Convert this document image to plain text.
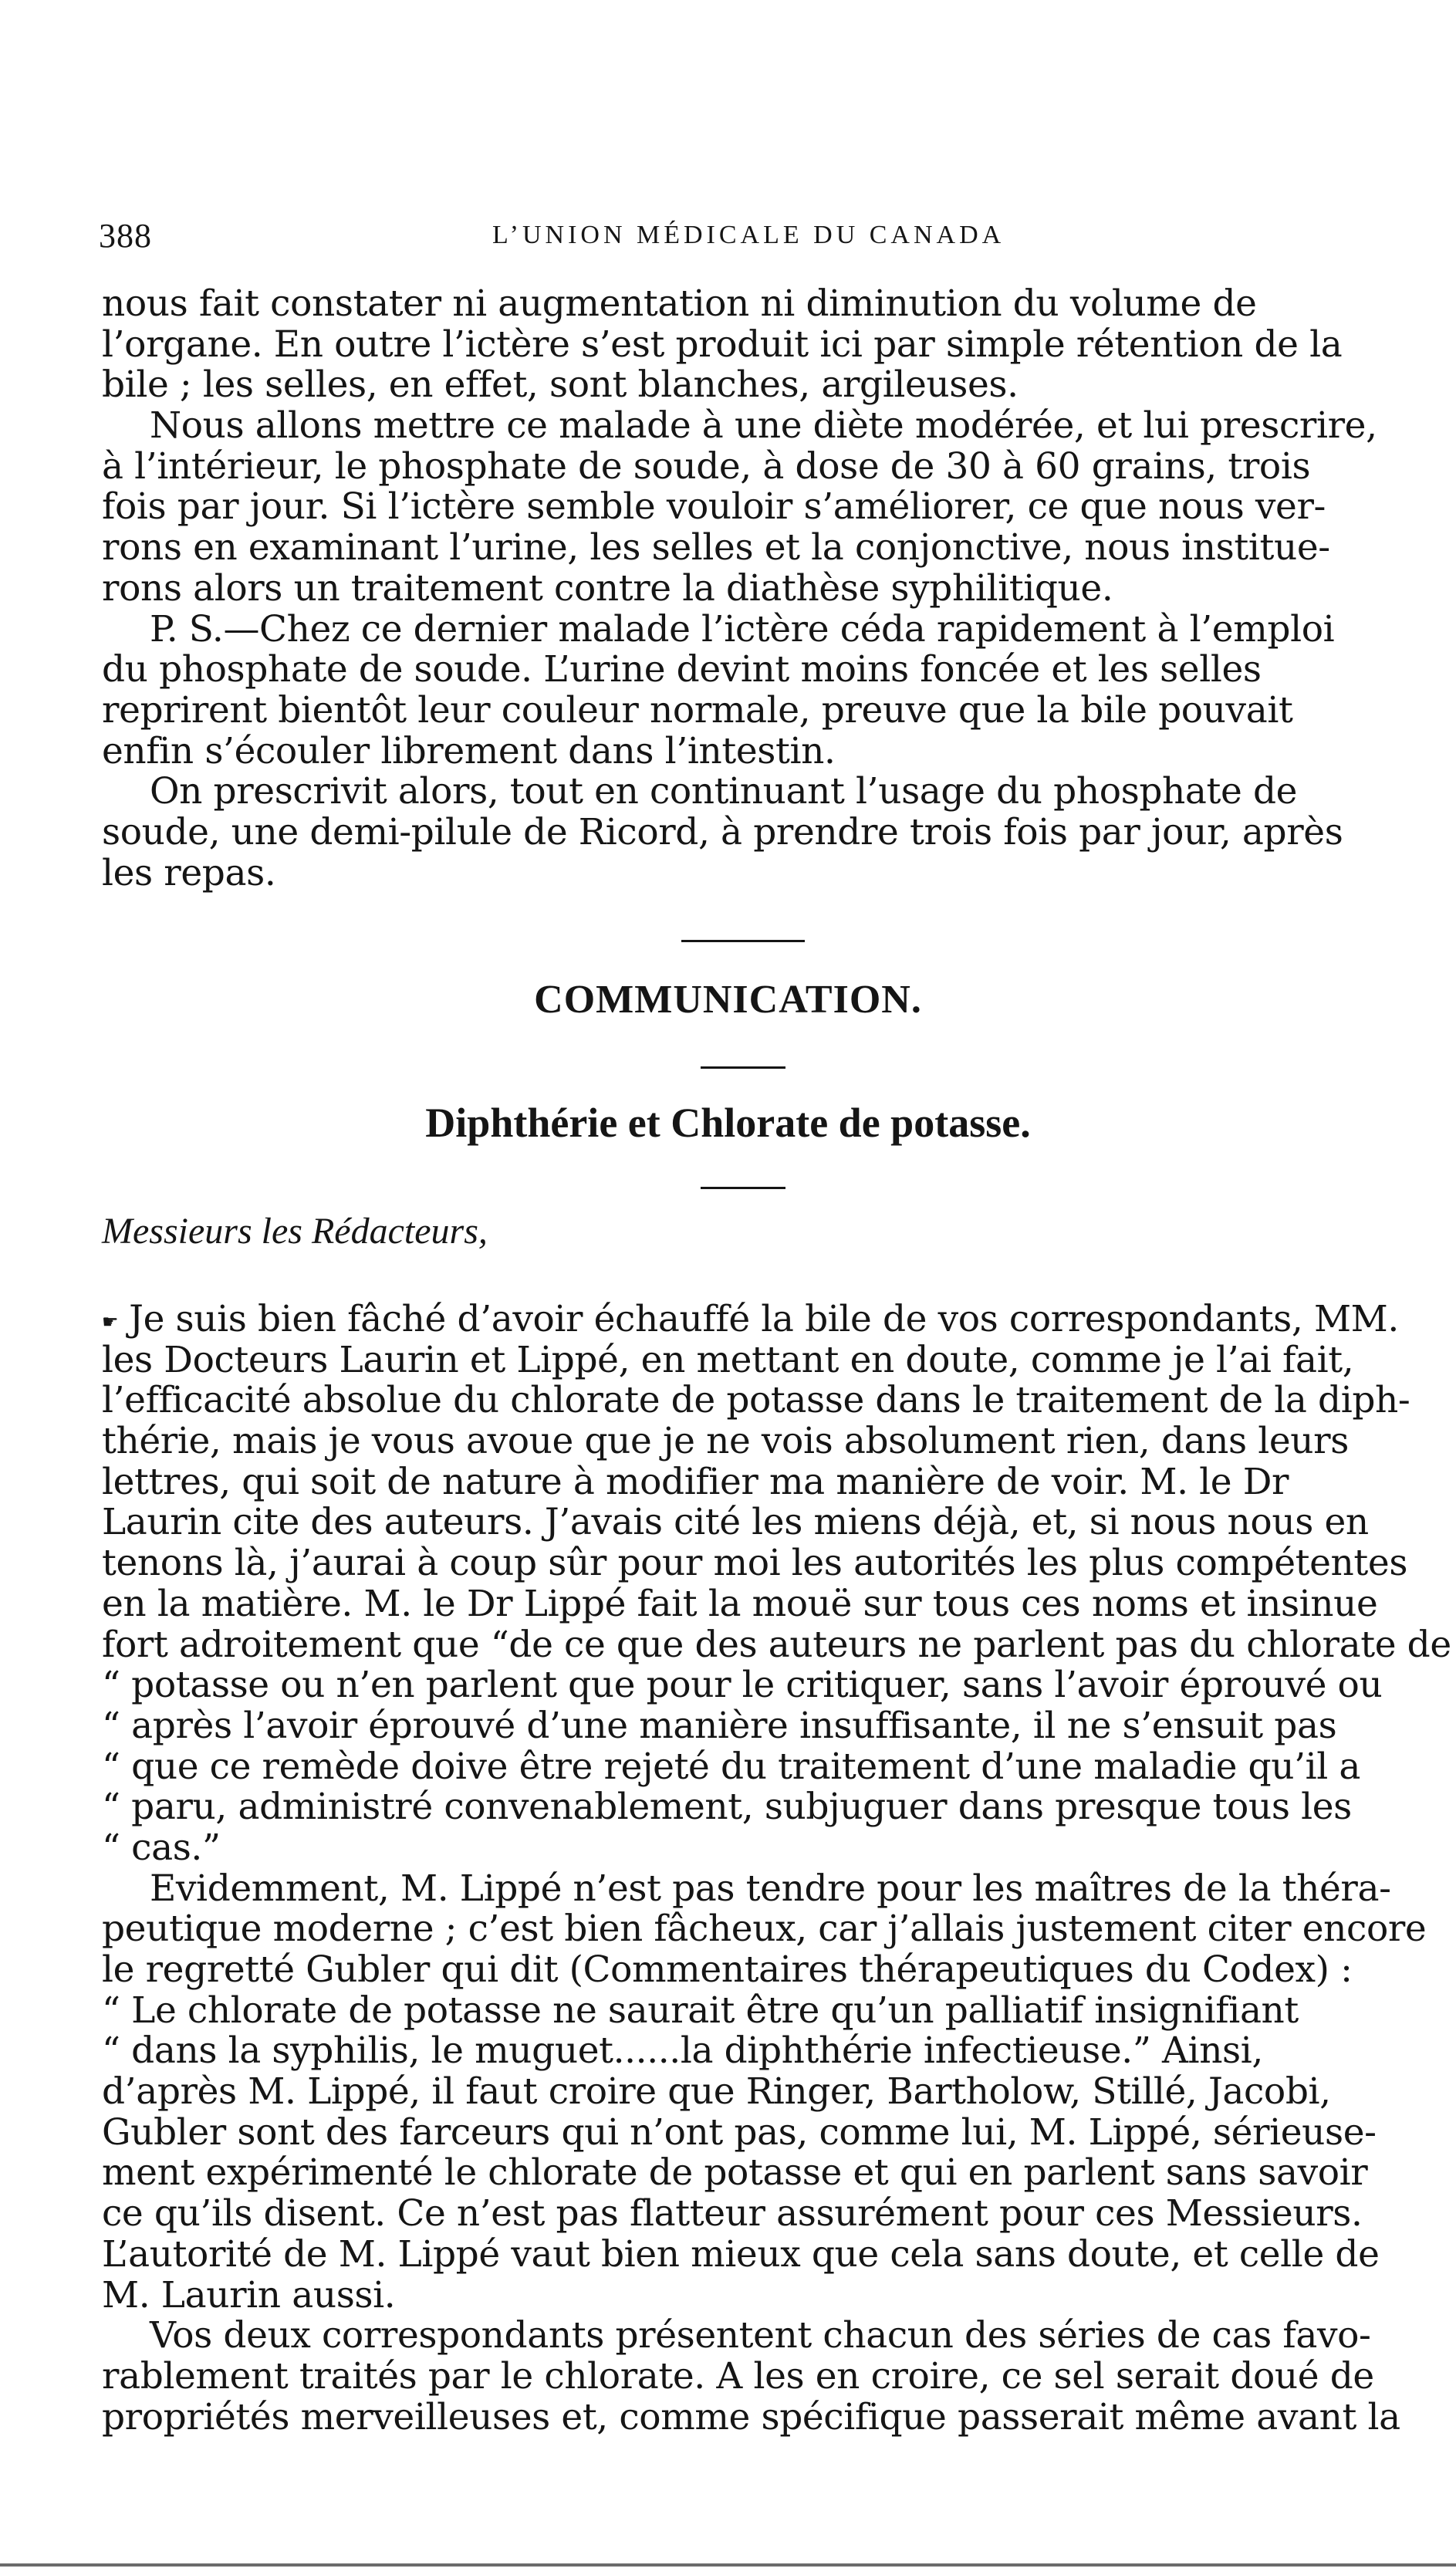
388	L’UNION MÉDICALE DU CANADA
nous fait constater ni augmentation ni diminution du volume de
l’organe. En outre l’ictère s’est produit ici par simple rétention de la
bile ; les selles, en effet, sont blanches, argileuses.
Nous allons mettre ce malade à une diète modérée, et lui prescrire,
à l’intérieur, le phosphate de soude, à dose de 30 à 60 grains, trois
fois par jour. Si l’ictère semble vouloir s’améliorer, ce que nous ver-
rons en examinant l’urine, les selles et la conjonctive, nous institue-
rons alors un traitement contre la diathèse syphilitique.
P. S.—Chez ce dernier malade l’ictère céda rapidement à l’emploi
du phosphate de soude. L’urine devint moins foncée et les selles
reprirent bientôt leur couleur normale, preuve que la bile pouvait
enfin s’écouler librement dans l’intestin.
On prescrivit alors, tout en continuant l’usage du phosphate de
soude, une demi-pilule de Ricord, à prendre trois fois par jour, après
les repas.
COMMUNICATION.
Diphthérie et Chlorate de potasse.
Messieurs les Rédacteurs,
☛ Je suis bien fâché d’avoir échauffé la bile de vos correspondants, MM.
les Docteurs Laurin et Lippé, en mettant en doute, comme je l’ai fait,
l’efficacité absolue du chlorate de potasse dans le traitement de la diph-
thérie, mais je vous avoue que je ne vois absolument rien, dans leurs
lettres, qui soit de nature à modifier ma manière de voir. M. le Dr
Laurin cite des auteurs. J’avais cité les miens déjà, et, si nous nous en
tenons là, j’aurai à coup sûr pour moi les autorités les plus compétentes
en la matière. M. le Dr Lippé fait la mouë sur tous ces noms et insinue
fort adroitement que “de ce que des auteurs ne parlent pas du chlorate de
“ potasse ou n’en parlent que pour le critiquer, sans l’avoir éprouvé ou
“ après l’avoir éprouvé d’une manière insuffisante, il ne s’ensuit pas
“ que ce remède doive être rejeté du traitement d’une maladie qu’il a
“ paru, administré convenablement, subjuguer dans presque tous les
“ cas.”
Evidemment, M. Lippé n’est pas tendre pour les maîtres de la théra-
peutique moderne ; c’est bien fâcheux, car j’allais justement citer encore
le regretté Gubler qui dit (Commentaires thérapeutiques du Codex) :
“ Le chlorate de potasse ne saurait être qu’un palliatif insignifiant
“ dans la syphilis, le muguet......la diphthérie infectieuse.” Ainsi,
d’après M. Lippé, il faut croire que Ringer, Bartholow, Stillé, Jacobi,
Gubler sont des farceurs qui n’ont pas, comme lui, M. Lippé, sérieuse-
ment expérimenté le chlorate de potasse et qui en parlent sans savoir
ce qu’ils disent. Ce n’est pas flatteur assurément pour ces Messieurs.
L’autorité de M. Lippé vaut bien mieux que cela sans doute, et celle de
M. Laurin aussi.
Vos deux correspondants présentent chacun des séries de cas favo-
rablement traités par le chlorate. A les en croire, ce sel serait doué de
propriétés merveilleuses et, comme spécifique passerait même avant la
